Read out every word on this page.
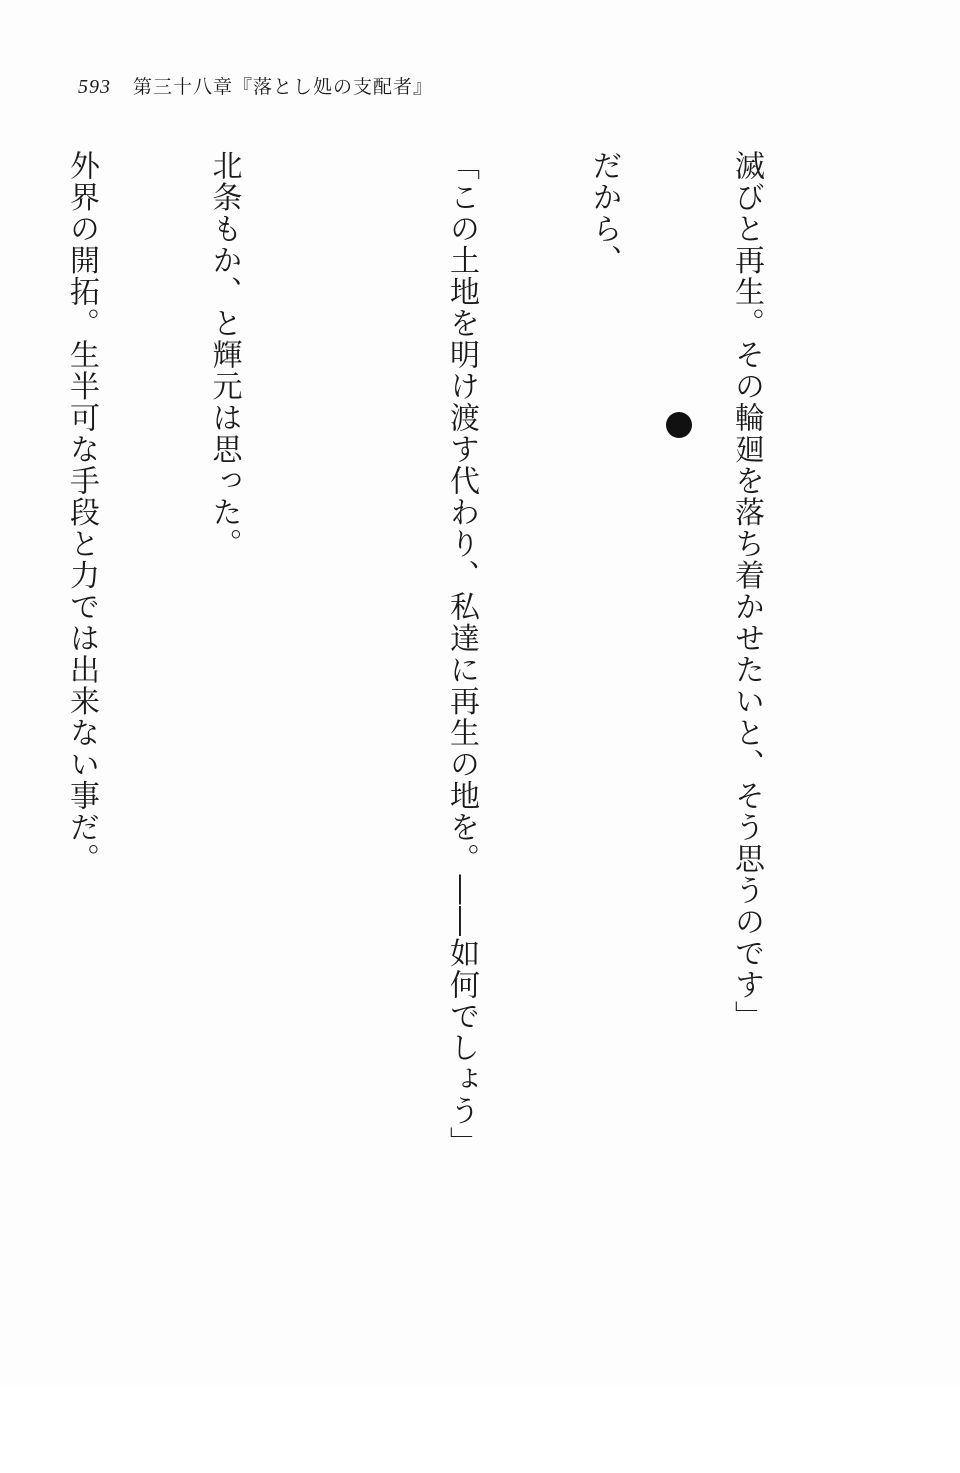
593 第三十八章『落とし処の支配者』

滅びと再生。その輪廻を落ち着かせたいと、そう思うのです」

だから、

「この土地を明け渡す代わり、私達に再生の地を。――如何でしょう」

北条もか、と輝元は思った。

外界の開拓。生半可な手段と力では出来ない事だ。
